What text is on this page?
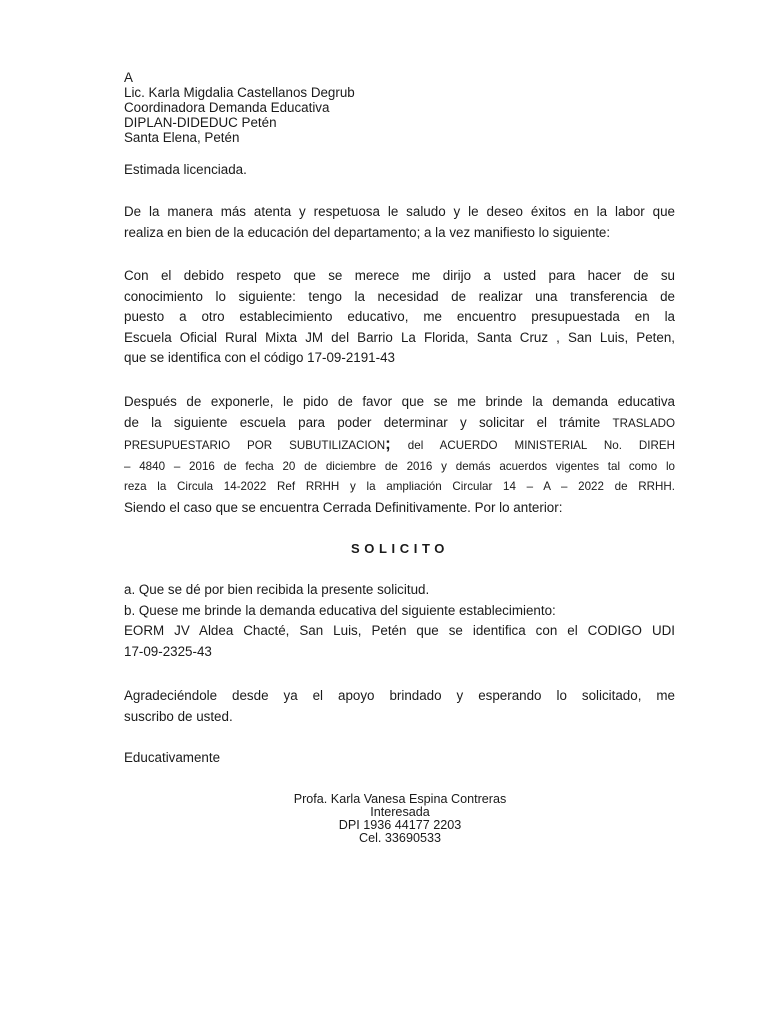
A
Lic. Karla Migdalia Castellanos Degrub
Coordinadora Demanda Educativa
DIPLAN-DIDEDUC Petén
Santa Elena, Petén
Estimada licenciada.
De la manera más atenta y respetuosa le saludo y le deseo éxitos en la labor que
realiza en bien de la educación del departamento; a la vez manifiesto lo siguiente:
Con el debido respeto que se merece me dirijo a usted para hacer de su
conocimiento lo siguiente: tengo la necesidad de realizar una transferencia de
puesto a otro establecimiento educativo, me encuentro presupuestada en la
Escuela Oficial Rural Mixta JM del Barrio La Florida, Santa Cruz , San Luis, Peten,
que se identifica con el código 17-09-2191-43
Después de exponerle, le pido de favor que se me brinde la demanda educativa
de la siguiente escuela para poder determinar y solicitar el trámite TRASLADO
PRESUPUESTARIO POR SUBUTILIZACION; del ACUERDO MINISTERIAL No. DIREH
– 4840 – 2016 de fecha 20 de diciembre de 2016 y demás acuerdos vigentes tal como lo
reza la Circula 14-2022 Ref RRHH y la ampliación Circular 14 – A – 2022 de RRHH.
Siendo el caso que se encuentra Cerrada Definitivamente. Por lo anterior:
SOLICITO
a. Que se dé por bien recibida la presente solicitud.
b. Quese me brinde la demanda educativa del siguiente establecimiento:
EORM JV Aldea Chacté, San Luis, Petén que se identifica con el CODIGO UDI
17-09-2325-43
Agradeciéndole desde ya el apoyo brindado y esperando lo solicitado, me
suscribo de usted.
Educativamente
Profa. Karla Vanesa Espina Contreras
Interesada
DPI 1936 44177 2203
Cel. 33690533
